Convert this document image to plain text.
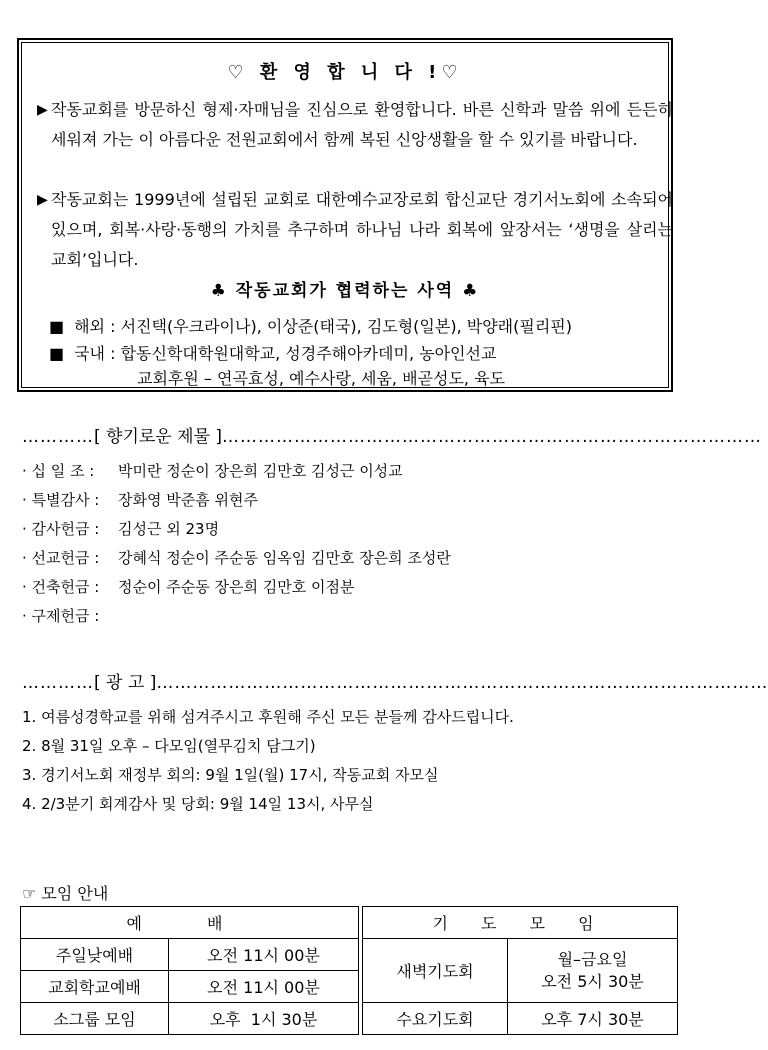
♡ 환 영 합 니 다 !♡
▶ 작동교회를 방문하신 형제·자매님을 진심으로 환영합니다. 바른 신학과 말씀 위에 든든히 세워져 가는 이 아름다운 전원교회에서 함께 복된 신앙생활을 할 수 있기를 바랍니다.
▶ 작동교회는 1999년에 설립된 교회로 대한예수교장로회 합신교단 경기서노회에 소속되어 있으며, 회복·사랑·동행의 가치를 추구하며 하나님 나라 회복에 앞장서는 ‘생명을 살리는 교회’입니다.
♣ 작동교회가 협력하는 사역 ♣
■ 해외 : 서진택(우크라이나), 이상준(태국), 김도형(일본), 박양래(필리핀)
■ 국내 : 합동신학대학원대학교, 성경주해아카데미, 농아인선교
교회후원 – 연곡효성, 예수사랑, 세움, 배곧성도, 육도
…………[ 향기로운 제물 ]………………………………………………………………………………
· 십 일 조 : 박미란 정순이 장은희 김만호 김성근 이성교
· 특별감사 : 장화영 박준흠 위현주
· 감사헌금 : 김성근 외 23명
· 선교헌금 : 강혜식 정순이 주순동 임옥임 김만호 장은희 조성란
· 건축헌금 : 정순이 주순동 장은희 김만호 이점분
· 구제헌금 :
…………[ 광 고 ]…………………………………………………………………………………………
1. 여름성경학교를 위해 섬겨주시고 후원해 주신 모든 분들께 감사드립니다.
2. 8월 31일 오후 – 다모임(열무김치 담그기)
3. 경기서노회 재정부 회의: 9월 1일(월) 17시, 작동교회 자모실
4. 2/3분기 회계감사 및 당회: 9월 14일 13시, 사무실
☞ 모임 안내
예 배			기 도 모 임	
주일낮예배	오전 11시 00분		새벽기도회	월–금요일
오전 5시 30분

교회학교예배	오전 11시 00분			
소그룹 모임	오후  1시 30분		수요기도회	오후 7시 30분
